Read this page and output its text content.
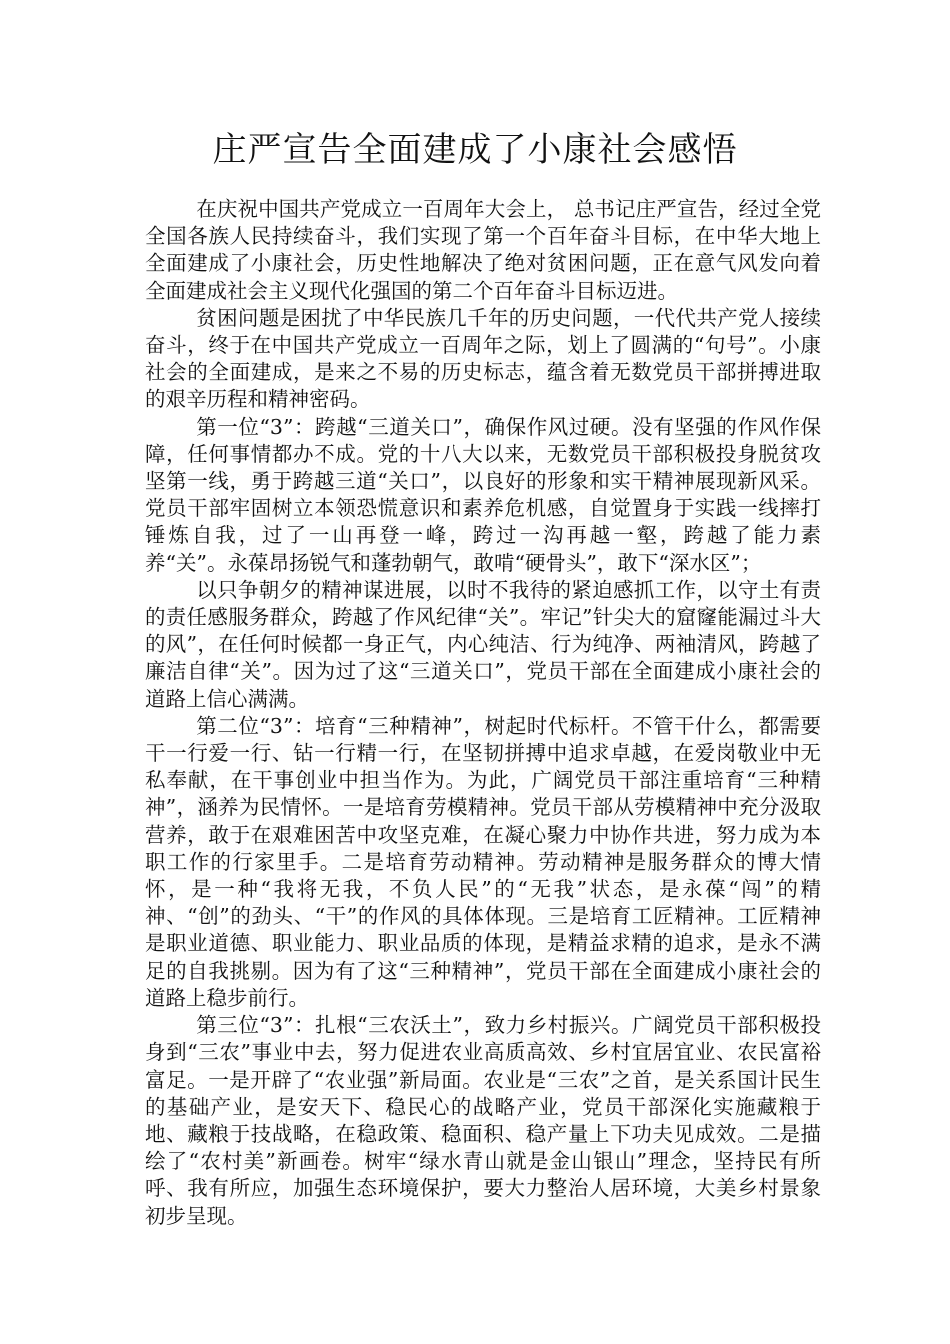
庄严宣告全面建成了小康社会感悟

在庆祝中国共产党成立一百周年大会上， 总书记庄严宣告，经过全党全国各族人民持续奋斗，我们实现了第一个百年奋斗目标，在中华大地上全面建成了小康社会，历史性地解决了绝对贫困问题，正在意气风发向着全面建成社会主义现代化强国的第二个百年奋斗目标迈进。

贫困问题是困扰了中华民族几千年的历史问题，一代代共产党人接续奋斗，终于在中国共产党成立一百周年之际，划上了圆满的“句号”。小康社会的全面建成，是来之不易的历史标志，蕴含着无数党员干部拼搏进取的艰辛历程和精神密码。

第一位“3”：跨越“三道关口”，确保作风过硬。没有坚强的作风作保障，任何事情都办不成。党的十八大以来，无数党员干部积极投身脱贫攻坚第一线，勇于跨越三道“关口”，以良好的形象和实干精神展现新风采。党员干部牢固树立本领恐慌意识和素养危机感，自觉置身于实践一线摔打锤炼自我，过了一山再登一峰，跨过一沟再越一壑，跨越了能力素养“关”。永葆昂扬锐气和蓬勃朝气，敢啃“硬骨头”，敢下“深水区”；

以只争朝夕的精神谋进展，以时不我待的紧迫感抓工作，以守土有责的责任感服务群众，跨越了作风纪律“关”。牢记”针尖大的窟窿能漏过斗大的风”，在任何时候都一身正气，内心纯洁、行为纯净、两袖清风，跨越了廉洁自律“关”。因为过了这“三道关口”，党员干部在全面建成小康社会的道路上信心满满。

第二位“3”：培育“三种精神”，树起时代标杆。不管干什么，都需要干一行爱一行、钻一行精一行，在坚韧拼搏中追求卓越，在爱岗敬业中无私奉献，在干事创业中担当作为。为此，广阔党员干部注重培育“三种精神”，涵养为民情怀。一是培育劳模精神。党员干部从劳模精神中充分汲取营养，敢于在艰难困苦中攻坚克难，在凝心聚力中协作共进，努力成为本职工作的行家里手。二是培育劳动精神。劳动精神是服务群众的博大情怀，是一种“我将无我，不负人民”的“无我”状态，是永葆“闯”的精神、“创”的劲头、“干”的作风的具体体现。三是培育工匠精神。工匠精神是职业道德、职业能力、职业品质的体现，是精益求精的追求，是永不满足的自我挑剔。因为有了这“三种精神”，党员干部在全面建成小康社会的道路上稳步前行。

第三位“3”：扎根“三农沃土”，致力乡村振兴。广阔党员干部积极投身到“三农”事业中去，努力促进农业高质高效、乡村宜居宜业、农民富裕富足。一是开辟了“农业强”新局面。农业是“三农”之首，是关系国计民生的基础产业，是安天下、稳民心的战略产业，党员干部深化实施藏粮于地、藏粮于技战略，在稳政策、稳面积、稳产量上下功夫见成效。二是描绘了“农村美”新画卷。树牢“绿水青山就是金山银山”理念，坚持民有所呼、我有所应，加强生态环境保护，要大力整治人居环境，大美乡村景象初步呈现。
